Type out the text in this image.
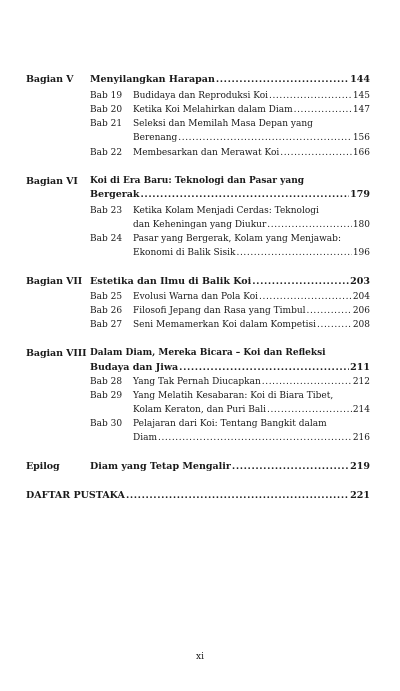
Bagian V Menyilangkan Harapan .....	144
Bab 19 Budidaya dan Reproduksi Koi .....	145
Bab 20 Ketika Koi Melahirkan dalam Diam .....	147
Bab 21 Seleksi dan Memilah Masa Depan yang
Berenang .....	156
Bab 22 Membesarkan dan Merawat Koi .....	166
Bagian VI Koi di Era Baru: Teknologi dan Pasar yang
Bergerak .....	179
Bab 23 Ketika Kolam Menjadi Cerdas: Teknologi
dan Keheningan yang Diukur .....	180
Bab 24 Pasar yang Bergerak, Kolam yang Menjawab:
Ekonomi di Balik Sisik .....	196
Bagian VII Estetika dan Ilmu di Balik Koi .....	203
Bab 25 Evolusi Warna dan Pola Koi .....	204
Bab 26 Filosofi Jepang dan Rasa yang Timbul .....	206
Bab 27 Seni Memamerkan Koi dalam Kompetisi .....	208
Bagian VIII Dalam Diam, Mereka Bicara – Koi dan Refleksi
Budaya dan Jiwa .....	211
Bab 28 Yang Tak Pernah Diucapkan .....	212
Bab 29 Yang Melatih Kesabaran: Koi di Biara Tibet,
Kolam Keraton, dan Puri Bali .....	214
Bab 30 Pelajaran dari Koi: Tentang Bangkit dalam
Diam .....	216
Epilog	Diam yang Tetap Mengalir .....	219
DAFTAR PUSTAKA .....	221
xi
